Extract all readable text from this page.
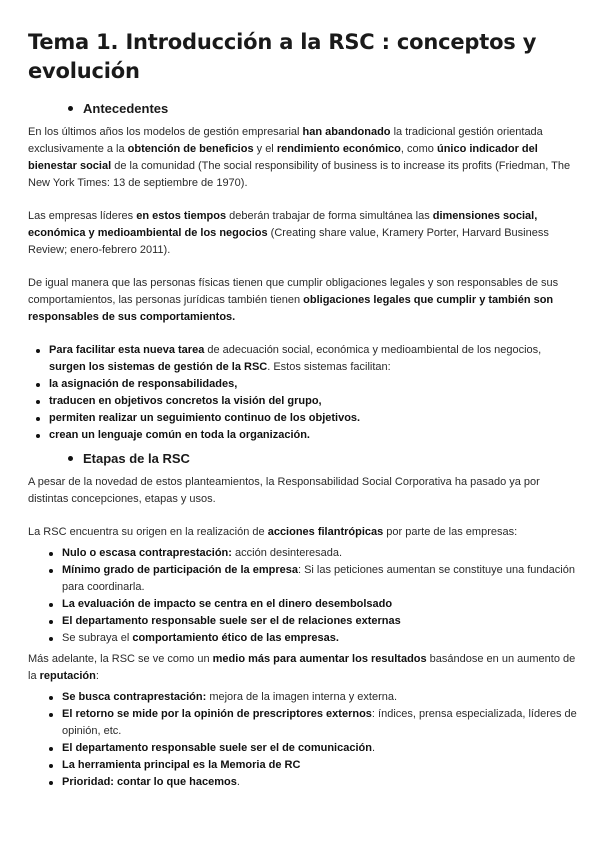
Tema 1. Introducción a la RSC : conceptos y evolución
Antecedentes

En los últimos años los modelos de gestión empresarial han abandonado la tradicional gestión orientada exclusivamente a la obtención de beneficios y el rendimiento económico, como único indicador del bienestar social de la comunidad (The social responsibility of business is to increase its profits (Friedman, The New York Times: 13 de septiembre de 1970).

Las empresas líderes en estos tiempos deberán trabajar de forma simultánea las dimensiones social, económica y medioambiental de los negocios (Creating share value, Kramery Porter, Harvard Business Review; enero-febrero 2011).

De igual manera que las personas físicas tienen que cumplir obligaciones legales y son responsables de sus comportamientos, las personas jurídicas también tienen obligaciones legales que cumplir y también son responsables de sus comportamientos.

Para facilitar esta nueva tarea de adecuación social, económica y medioambiental de los negocios, surgen los sistemas de gestión de la RSC. Estos sistemas facilitan:
la asignación de responsabilidades,
traducen en objetivos concretos la visión del grupo,
permiten realizar un seguimiento continuo de los objetivos.
crean un lenguaje común en toda la organización.
Etapas de la RSC

A pesar de la novedad de estos planteamientos, la Responsabilidad Social Corporativa ha pasado ya por distintas concepciones, etapas y usos.

La RSC encuentra su origen en la realización de acciones filantrópicas por parte de las empresas:

Nulo o escasa contraprestación: acción desinteresada.
Mínimo grado de participación de la empresa: Si las peticiones aumentan se constituye una fundación para coordinarla.
La evaluación de impacto se centra en el dinero desembolsado
El departamento responsable suele ser el de relaciones externas
Se subraya el comportamiento ético de las empresas.

Más adelante, la RSC se ve como un medio más para aumentar los resultados basándose en un aumento de la reputación:

Se busca contraprestación: mejora de la imagen interna y externa.
El retorno se mide por la opinión de prescriptores externos: índices, prensa especializada, líderes de opinión, etc.
El departamento responsable suele ser el de comunicación.
La herramienta principal es la Memoria de RC
Prioridad: contar lo que hacemos.
